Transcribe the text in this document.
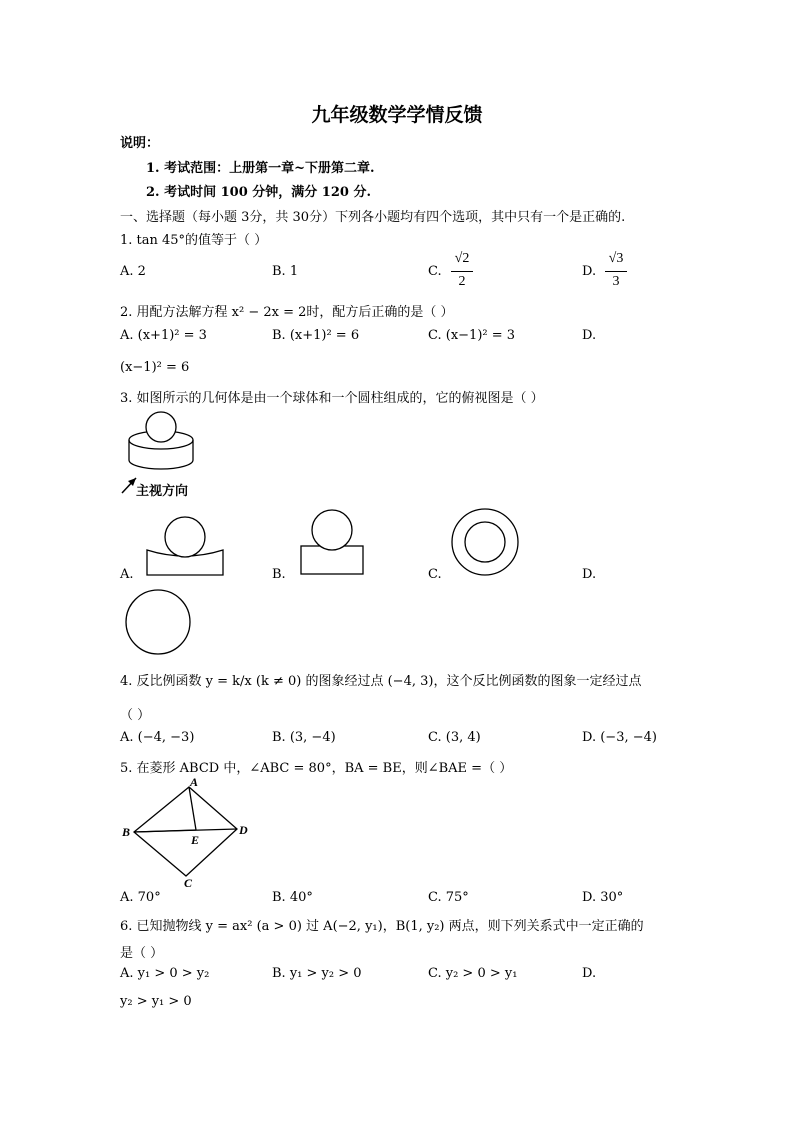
九年级数学学情反馈
说明：
1. 考试范围：上册第一章~下册第二章.
2. 考试时间 100 分钟，满分 120 分.
一、选择题（每小题 3分，共 30分）下列各小题均有四个选项，其中只有一个是正确的.
1. tan 45°的值等于（ ）
A. 2	B. 1	C.
√2
2
D.
√3
3
2. 用配方法解方程 x² − 2x = 2时，配方后正确的是（ ）
A. (x+1)² = 3	B. (x+1)² = 6	C. (x−1)² = 3	D.
(x−1)² = 6
3. 如图所示的几何体是由一个球体和一个圆柱组成的，它的俯视图是（ ）
主视方向
A.	B.	C.	D.
4. 反比例函数 y = k/x (k ≠ 0) 的图象经过点 (−4, 3)，这个反比例函数的图象一定经过点
（ ）
A. (−4, −3)	B. (3, −4)	C. (3, 4)	D. (−3, −4)
5. 在菱形 ABCD 中，∠ABC = 80°，BA = BE，则∠BAE =（ ）
A
B
C
D
E
A. 70°	B. 40°	C. 75°	D. 30°
6. 已知抛物线 y = ax² (a > 0) 过 A(−2, y₁)，B(1, y₂) 两点，则下列关系式中一定正确的
是（ ）
A. y₁ > 0 > y₂	B. y₁ > y₂ > 0	C. y₂ > 0 > y₁	D.
y₂ > y₁ > 0
